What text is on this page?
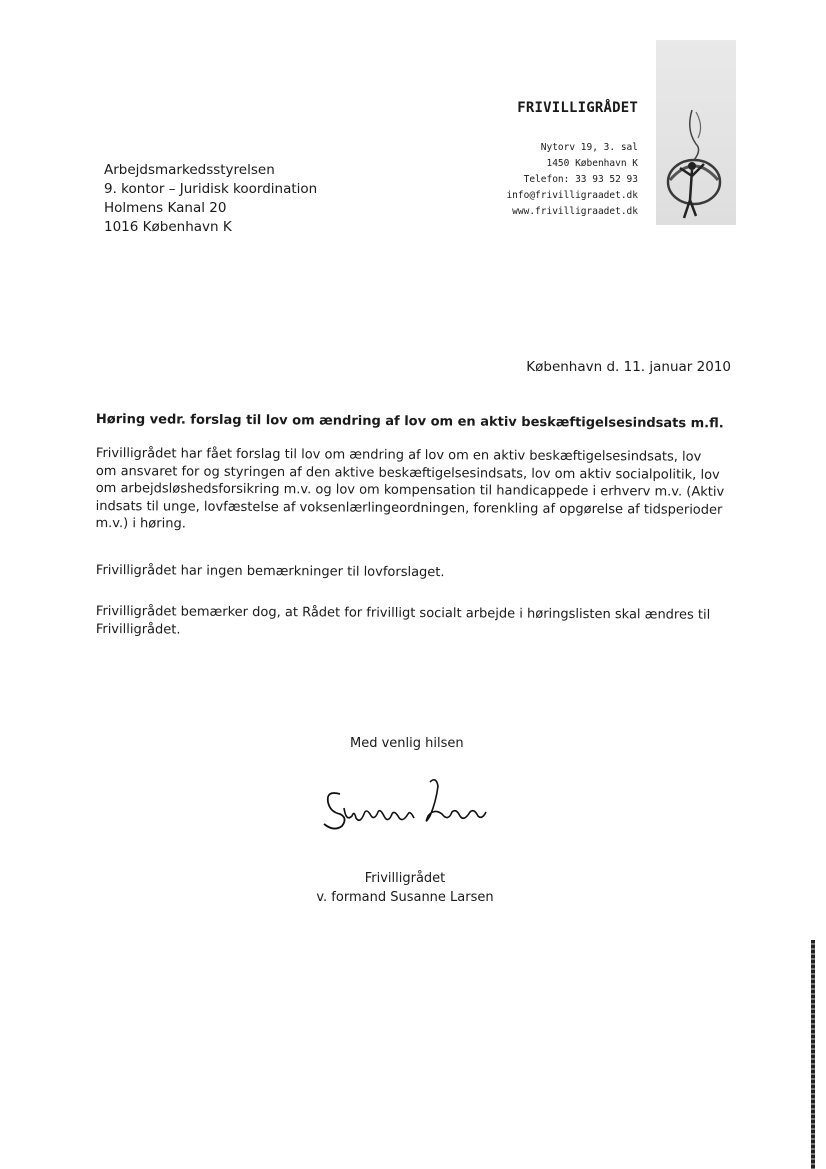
FRIVILLIGRÅDET
Nytorv 19, 3. sal
1450 København K
Telefon: 33 93 52 93
info@frivilligraadet.dk
www.frivilligraadet.dk
Arbejdsmarkedsstyrelsen
9. kontor – Juridisk koordination
Holmens Kanal 20
1016 København K
København d. 11. januar 2010
Høring vedr. forslag til lov om ændring af lov om en aktiv beskæftigelsesindsats m.fl.
Frivilligrådet har fået forslag til lov om ændring af lov om en aktiv beskæftigelsesindsats, lov om ansvaret for og styringen af den aktive beskæftigelsesindsats, lov om aktiv socialpolitik, lov om arbejdsløshedsforsikring m.v. og lov om kompensation til handicappede i erhverv m.v. (Aktiv indsats til unge, lovfæstelse af voksenlærlingeordningen, forenkling af opgørelse af tidsperioder m.v.) i høring.
Frivilligrådet har ingen bemærkninger til lovforslaget.
Frivilligrådet bemærker dog, at Rådet for frivilligt socialt arbejde i høringslisten skal ændres til Frivilligrådet.
Med venlig hilsen
Frivilligrådet
v. formand Susanne Larsen
